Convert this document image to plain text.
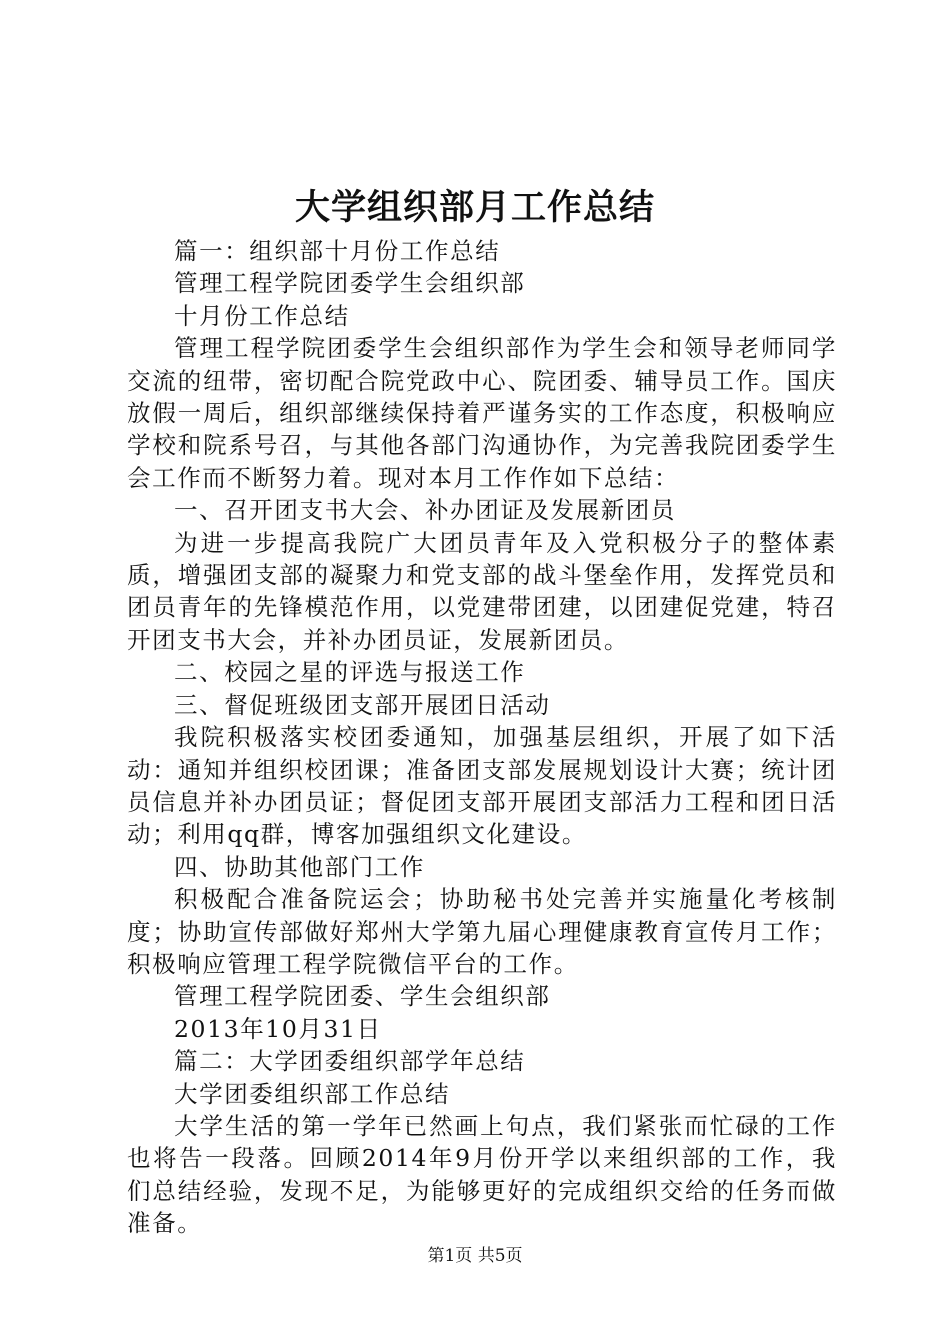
大学组织部月工作总结

篇一：组织部十月份工作总结

管理工程学院团委学生会组织部

十月份工作总结

管理工程学院团委学生会组织部作为学生会和领导老师同学交流的纽带，密切配合院党政中心、院团委、辅导员工作。国庆放假一周后，组织部继续保持着严谨务实的工作态度，积极响应学校和院系号召，与其他各部门沟通协作，为完善我院团委学生会工作而不断努力着。现对本月工作作如下总结：

一、召开团支书大会、补办团证及发展新团员

为进一步提高我院广大团员青年及入党积极分子的整体素质，增强团支部的凝聚力和党支部的战斗堡垒作用，发挥党员和团员青年的先锋模范作用，以党建带团建，以团建促党建，特召开团支书大会，并补办团员证，发展新团员。

二、校园之星的评选与报送工作

三、督促班级团支部开展团日活动

我院积极落实校团委通知，加强基层组织，开展了如下活动：通知并组织校团课；准备团支部发展规划设计大赛；统计团员信息并补办团员证；督促团支部开展团支部活力工程和团日活动；利用qq群，博客加强组织文化建设。

四、协助其他部门工作

积极配合准备院运会；协助秘书处完善并实施量化考核制度；协助宣传部做好郑州大学第九届心理健康教育宣传月工作；积极响应管理工程学院微信平台的工作。

管理工程学院团委、学生会组织部

2013年10月31日

篇二：大学团委组织部学年总结

大学团委组织部工作总结

大学生活的第一学年已然画上句点，我们紧张而忙碌的工作也将告一段落。回顾2014年9月份开学以来组织部的工作，我们总结经验，发现不足，为能够更好的完成组织交给的任务而做准备。

第1页 共5页
